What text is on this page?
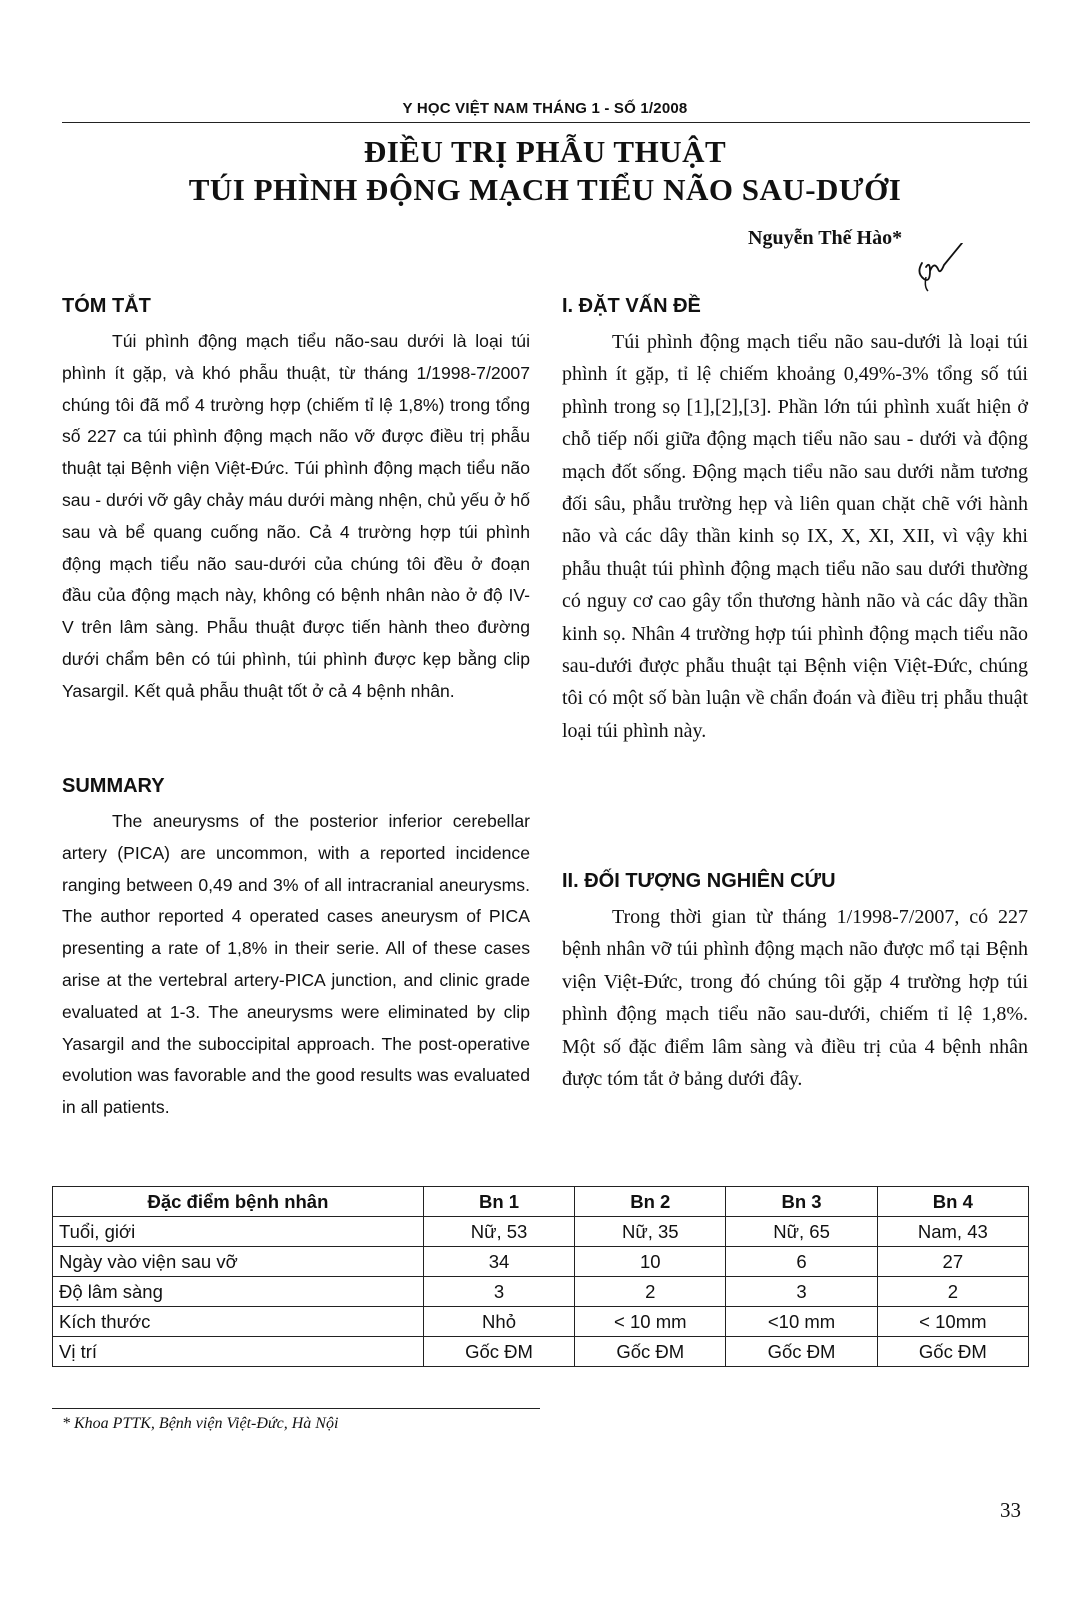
Y HỌC VIỆT NAM THÁNG 1 - SỐ 1/2008
ĐIỀU TRỊ PHẪU THUẬT
TÚI PHÌNH ĐỘNG MẠCH TIỂU NÃO SAU-DƯỚI
Nguyễn Thế Hào*
TÓM TẮT

Túi phình động mạch tiểu não-sau dưới là loại túi phình ít gặp, và khó phẫu thuật, từ tháng 1/1998-7/2007 chúng tôi đã mổ 4 trường hợp (chiếm tỉ lệ 1,8%) trong tổng số 227 ca túi phình động mạch não vỡ được điều trị phẫu thuật tại Bệnh viện Việt-Đức. Túi phình động mạch tiểu não sau - dưới vỡ gây chảy máu dưới màng nhện, chủ yếu ở hố sau và bể quang cuống não. Cả 4 trường hợp túi phình động mạch tiểu não sau-dưới của chúng tôi đều ở đoạn đầu của động mạch này, không có bệnh nhân nào ở độ IV-V trên lâm sàng. Phẫu thuật được tiến hành theo đường dưới chẩm bên có túi phình, túi phình được kẹp bằng clip Yasargil. Kết quả phẫu thuật tốt ở cả 4 bệnh nhân.

SUMMARY

The aneurysms of the posterior inferior cerebellar artery (PICA) are uncommon, with a reported incidence ranging between 0,49 and 3% of all intracranial aneurysms. The author reported 4 operated cases aneurysm of PICA presenting a rate of 1,8% in their serie. All of these cases arise at the vertebral artery-PICA junction, and clinic grade evaluated at 1-3. The aneurysms were eliminated by clip Yasargil and the suboccipital approach. The post-operative evolution was favorable and the good results was evaluated in all patients.

I. ĐẶT VẤN ĐỀ

Túi phình động mạch tiểu não sau-dưới là loại túi phình ít gặp, tỉ lệ chiếm khoảng 0,49%-3% tổng số túi phình trong sọ [1],[2],[3]. Phần lớn túi phình xuất hiện ở chỗ tiếp nối giữa động mạch tiểu não sau - dưới và động mạch đốt sống. Động mạch tiểu não sau dưới nằm tương đối sâu, phẫu trường hẹp và liên quan chặt chẽ với hành não và các dây thần kinh sọ IX, X, XI, XII, vì vậy khi phẫu thuật túi phình động mạch tiểu não sau dưới thường có nguy cơ cao gây tổn thương hành não và các dây thần kinh sọ. Nhân 4 trường hợp túi phình động mạch tiểu não sau-dưới được phẫu thuật tại Bệnh viện Việt-Đức, chúng tôi có một số bàn luận về chẩn đoán và điều trị phẫu thuật loại túi phình này.

II. ĐỐI TƯỢNG NGHIÊN CỨU

Trong thời gian từ tháng 1/1998-7/2007, có 227 bệnh nhân vỡ túi phình động mạch não được mổ tại Bệnh viện Việt-Đức, trong đó chúng tôi gặp 4 trường hợp túi phình động mạch tiểu não sau-dưới, chiếm tỉ lệ 1,8%. Một số đặc điểm lâm sàng và điều trị của 4 bệnh nhân được tóm tắt ở bảng dưới đây.

Đặc điểm bệnh nhân	Bn 1	Bn 2	Bn 3	Bn 4
Tuổi, giới	Nữ, 53	Nữ, 35	Nữ, 65	Nam, 43
Ngày vào viện sau vỡ	34	10	6	27
Độ lâm sàng	3	2	3	2
Kích thước	Nhỏ	< 10 mm	<10 mm	< 10mm
Vị trí	Gốc ĐM	Gốc ĐM	Gốc ĐM	Gốc ĐM
* Khoa PTTK, Bệnh viện Việt-Đức, Hà Nội
33
